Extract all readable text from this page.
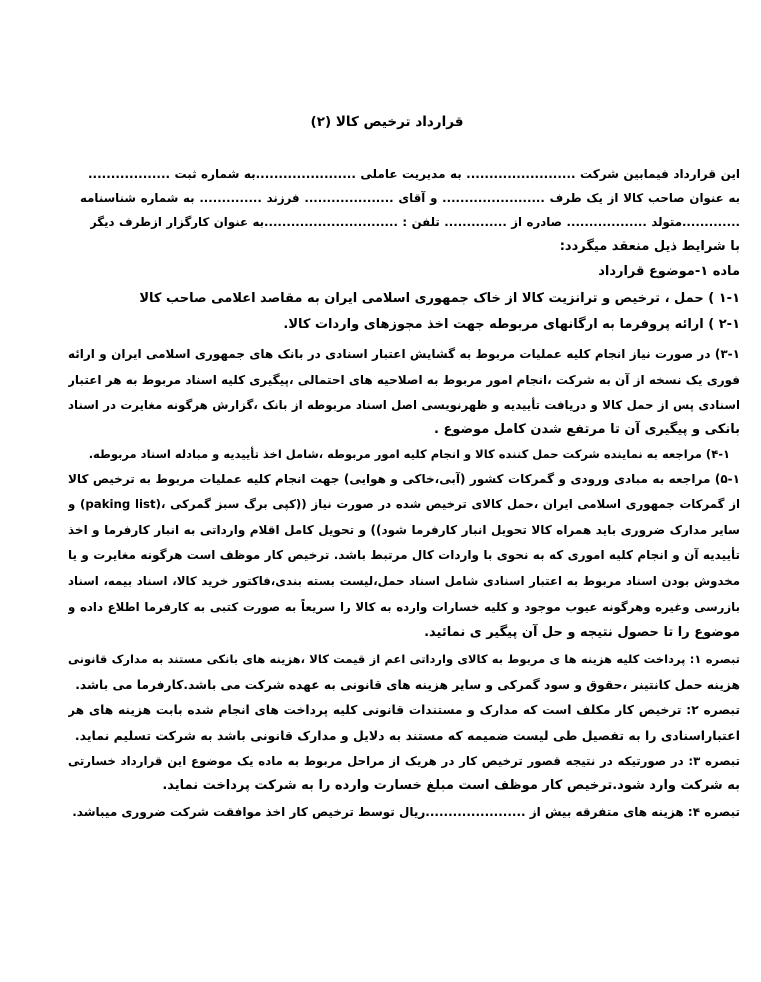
قرارداد ترخیص کالا (۲)
این قرارداد فیمابین شرکت ........................ به مدیریت عاملی ......................به شماره ثبت ..................
به عنوان صاحب کالا از یک طرف ....................... و آقای .................... فرزند .............. به شماره شناسنامه
.............متولد .................. صادره از .............. تلفن : ..............................به عنوان کارگزار ازطرف دیگر
با شرایط ذیل منعقد میگردد:
ماده ۱-موضوع قرارداد
۱-۱ ) حمل ، ترخیص و ترانزیت کالا از خاک جمهوری اسلامی ایران به مقاصد اعلامی صاحب کالا
۲-۱ ) ارائه پروفرما به ارگانهای مربوطه جهت اخذ مجوزهای واردات کالا.
۳-۱) در صورت نیاز انجام کلیه عملیات مربوط به گشایش اعتبار اسنادی در بانک های جمهوری اسلامی ایران و ارائه
فوری یک نسخه از آن به شرکت ،انجام امور مربوط به اصلاحیه های احتمالی ،پیگیری کلیه اسناد مربوط به هر اعتبار
اسنادی پس از حمل کالا و دریافت تأییدیه و ظهرنویسی اصل اسناد مربوطه از بانک ،گزارش هرگونه مغایرت در اسناد
بانکی و پیگیری آن تا مرتفع شدن کامل موضوع .
۴-۱) مراجعه به نماینده شرکت حمل کننده کالا و انجام کلیه امور مربوطه ،شامل اخذ تأییدیه و مبادله اسناد مربوطه.
۵-۱) مراجعه به مبادی ورودی و گمرکات کشور (آبی،خاکی و هوایی) جهت انجام کلیه عملیات مربوط به ترخیص کالا
از گمرکات جمهوری اسلامی ایران ،حمل کالای ترخیص شده در صورت نیاز ((کپی برگ سبز گمرکی ،(paking list) و
سایر مدارک ضروری باید همراه کالا تحویل انبار کارفرما شود)) و تحویل کامل اقلام وارداتی به انبار کارفرما و اخذ
تأییدیه آن و انجام کلیه اموری که به نحوی با واردات کال مرتبط باشد. ترخیص کار موظف است هرگونه مغایرت و یا
مخدوش بودن اسناد مربوط به اعتبار اسنادی شامل اسناد حمل،لیست بسته بندی،فاکتور خرید کالا، اسناد بیمه، اسناد
بازرسی وغیره وهرگونه عیوب موجود و کلیه خسارات وارده به کالا را سریعاً به صورت کتبی به کارفرما اطلاع داده و
موضوع را تا حصول نتیجه و حل آن پیگیر ی نمائید.
تبصره ۱: پرداخت کلیه هزینه ها ی مربوط به کالای وارداتی اعم از قیمت کالا ،هزینه های بانکی مستند به مدارک قانونی
هزینه حمل کانتینر ،حقوق و سود گمرکی و سایر هزینه های قانونی به عهده شرکت می باشد.کارفرما می باشد.
تبصره ۲: ترخیص کار مکلف است که مدارک و مستندات قانونی کلیه پرداخت های انجام شده بابت هزینه های هر
اعتباراسنادی را به تفصیل طی لیست ضمیمه که مستند به دلایل و مدارک قانونی باشد به شرکت تسلیم نماید.
تبصره ۳: در صورتیکه در نتیجه قصور ترخیص کار در هریک از مراحل مربوط به ماده یک موضوع این قرارداد خسارتی
به شرکت وارد شود.ترخیص کار موظف است مبلغ خسارت وارده را به شرکت پرداخت نماید.
تبصره ۴: هزینه های متفرقه بیش از ......................ریال توسط ترخیص کار اخذ موافقت شرکت ضروری میباشد.
